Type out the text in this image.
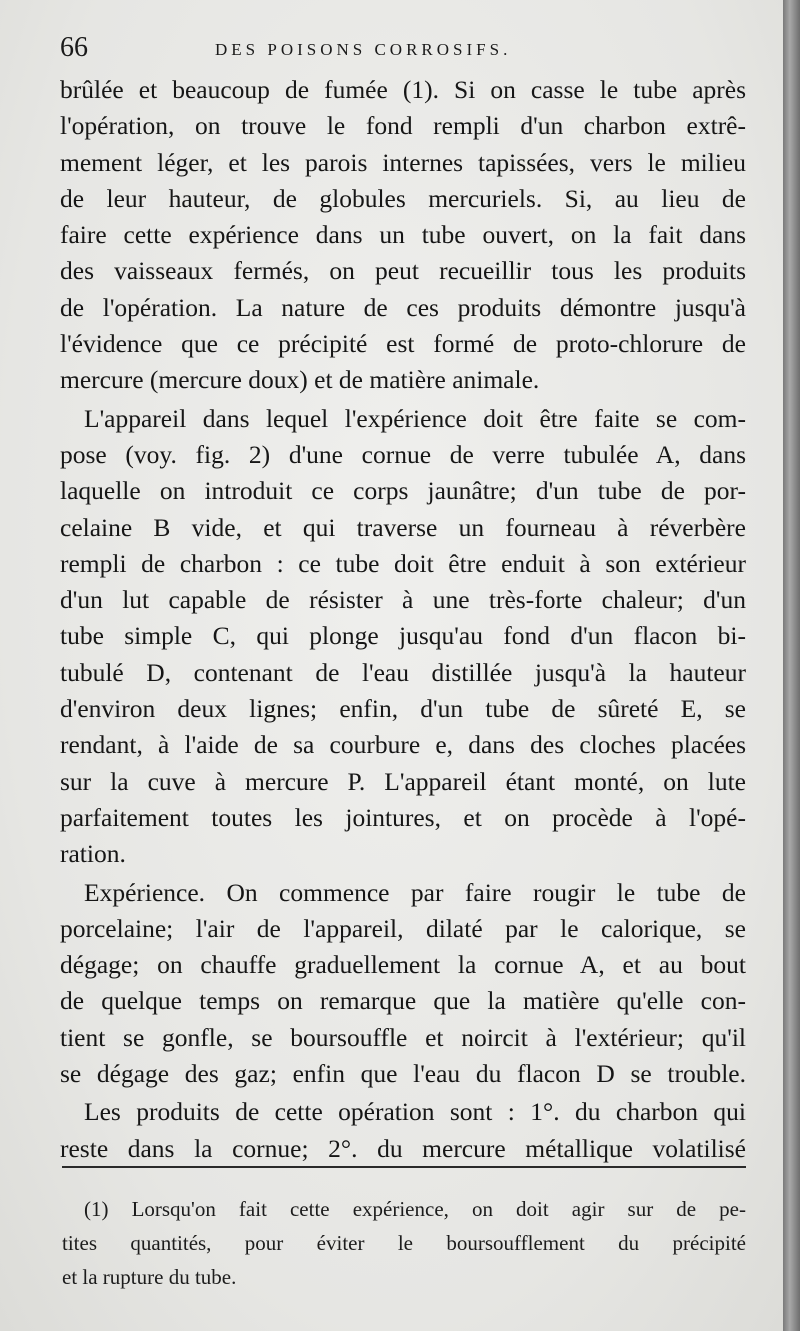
66	DES POISONS CORROSIFS.
brûlée et beaucoup de fumée (1). Si on casse le tube après
l'opération, on trouve le fond rempli d'un charbon extrê-
mement léger, et les parois internes tapissées, vers le milieu
de leur hauteur, de globules mercuriels. Si, au lieu de
faire cette expérience dans un tube ouvert, on la fait dans
des vaisseaux fermés, on peut recueillir tous les produits
de l'opération. La nature de ces produits démontre jusqu'à
l'évidence que ce précipité est formé de proto-chlorure de
mercure (mercure doux) et de matière animale.
L'appareil dans lequel l'expérience doit être faite se com-
pose (voy. fig. 2) d'une cornue de verre tubulée A, dans
laquelle on introduit ce corps jaunâtre; d'un tube de por-
celaine B vide, et qui traverse un fourneau à réverbère
rempli de charbon : ce tube doit être enduit à son extérieur
d'un lut capable de résister à une très-forte chaleur; d'un
tube simple C, qui plonge jusqu'au fond d'un flacon bi-
tubulé D, contenant de l'eau distillée jusqu'à la hauteur
d'environ deux lignes; enfin, d'un tube de sûreté E, se
rendant, à l'aide de sa courbure e, dans des cloches placées
sur la cuve à mercure P. L'appareil étant monté, on lute
parfaitement toutes les jointures, et on procède à l'opé-
ration.
Expérience. On commence par faire rougir le tube de
porcelaine; l'air de l'appareil, dilaté par le calorique, se
dégage; on chauffe graduellement la cornue A, et au bout
de quelque temps on remarque que la matière qu'elle con-
tient se gonfle, se boursouffle et noircit à l'extérieur; qu'il
se dégage des gaz; enfin que l'eau du flacon D se trouble.
Les produits de cette opération sont : 1°. du charbon qui
reste dans la cornue; 2°. du mercure métallique volatilisé
(1) Lorsqu'on fait cette expérience, on doit agir sur de pe-
tites quantités, pour éviter le boursoufflement du précipité
et la rupture du tube.
